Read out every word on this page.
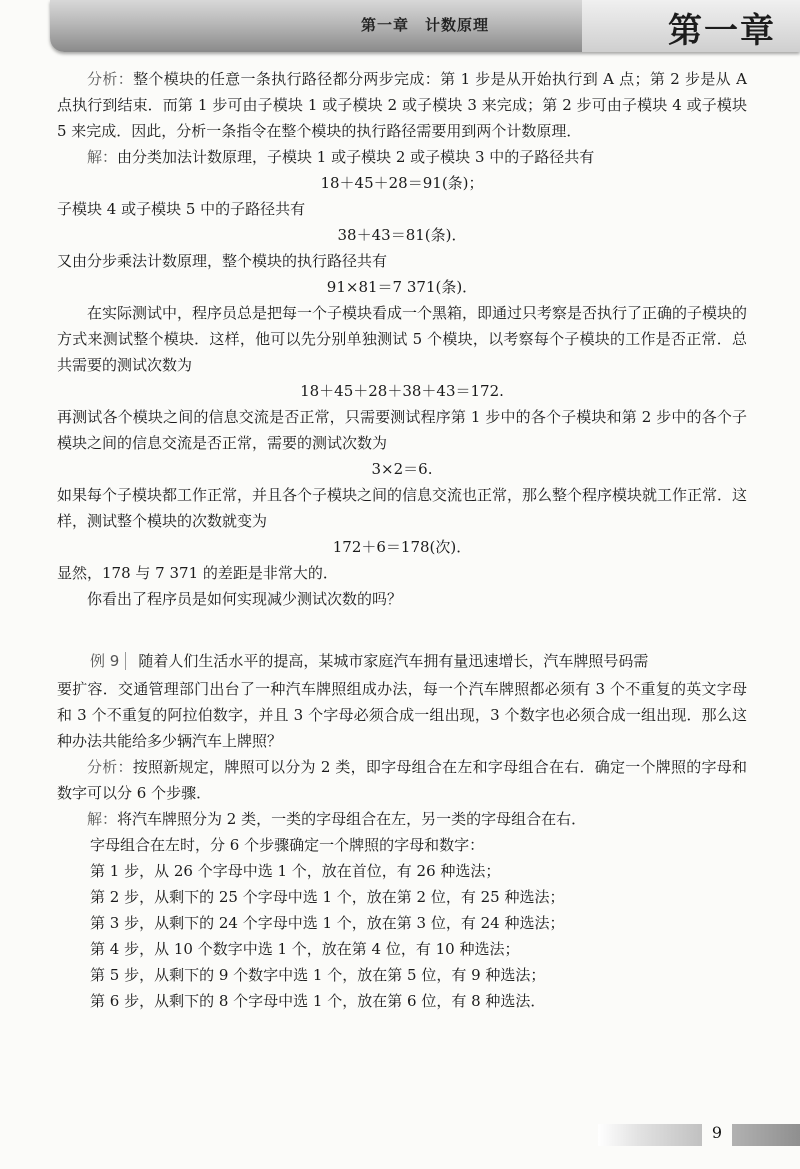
第一章　计数原理	第一章

分析：整个模块的任意一条执行路径都分两步完成：第 1 步是从开始执行到 A 点；第 2 步是从 A 点执行到结束．而第 1 步可由子模块 1 或子模块 2 或子模块 3 来完成；第 2 步可由子模块 4 或子模块 5 来完成．因此，分析一条指令在整个模块的执行路径需要用到两个计数原理．

解：由分类加法计数原理，子模块 1 或子模块 2 或子模块 3 中的子路径共有

18＋45＋28＝91(条)；

子模块 4 或子模块 5 中的子路径共有

38＋43＝81(条)．

又由分步乘法计数原理，整个模块的执行路径共有

91×81＝7 371(条)．

在实际测试中，程序员总是把每一个子模块看成一个黑箱，即通过只考察是否执行了正确的子模块的方式来测试整个模块．这样，他可以先分别单独测试 5 个模块，以考察每个子模块的工作是否正常．总共需要的测试次数为

18＋45＋28＋38＋43＝172.

再测试各个模块之间的信息交流是否正常，只需要测试程序第 1 步中的各个子模块和第 2 步中的各个子模块之间的信息交流是否正常，需要的测试次数为

3×2＝6.

如果每个子模块都工作正常，并且各个子模块之间的信息交流也正常，那么整个程序模块就工作正常．这样，测试整个模块的次数就变为

172＋6＝178(次)．

显然，178 与 7 371 的差距是非常大的．

你看出了程序员是如何实现减少测试次数的吗？

例 9 随着人们生活水平的提高，某城市家庭汽车拥有量迅速增长，汽车牌照号码需

要扩容．交通管理部门出台了一种汽车牌照组成办法，每一个汽车牌照都必须有 3 个不重复的英文字母和 3 个不重复的阿拉伯数字，并且 3 个字母必须合成一组出现，3 个数字也必须合成一组出现．那么这种办法共能给多少辆汽车上牌照？

分析：按照新规定，牌照可以分为 2 类，即字母组合在左和字母组合在右．确定一个牌照的字母和数字可以分 6 个步骤．

解：将汽车牌照分为 2 类，一类的字母组合在左，另一类的字母组合在右．

字母组合在左时，分 6 个步骤确定一个牌照的字母和数字：

第 1 步，从 26 个字母中选 1 个，放在首位，有 26 种选法；

第 2 步，从剩下的 25 个字母中选 1 个，放在第 2 位，有 25 种选法；

第 3 步，从剩下的 24 个字母中选 1 个，放在第 3 位，有 24 种选法；

第 4 步，从 10 个数字中选 1 个，放在第 4 位，有 10 种选法；

第 5 步，从剩下的 9 个数字中选 1 个，放在第 5 位，有 9 种选法；

第 6 步，从剩下的 8 个字母中选 1 个，放在第 6 位，有 8 种选法．

9
